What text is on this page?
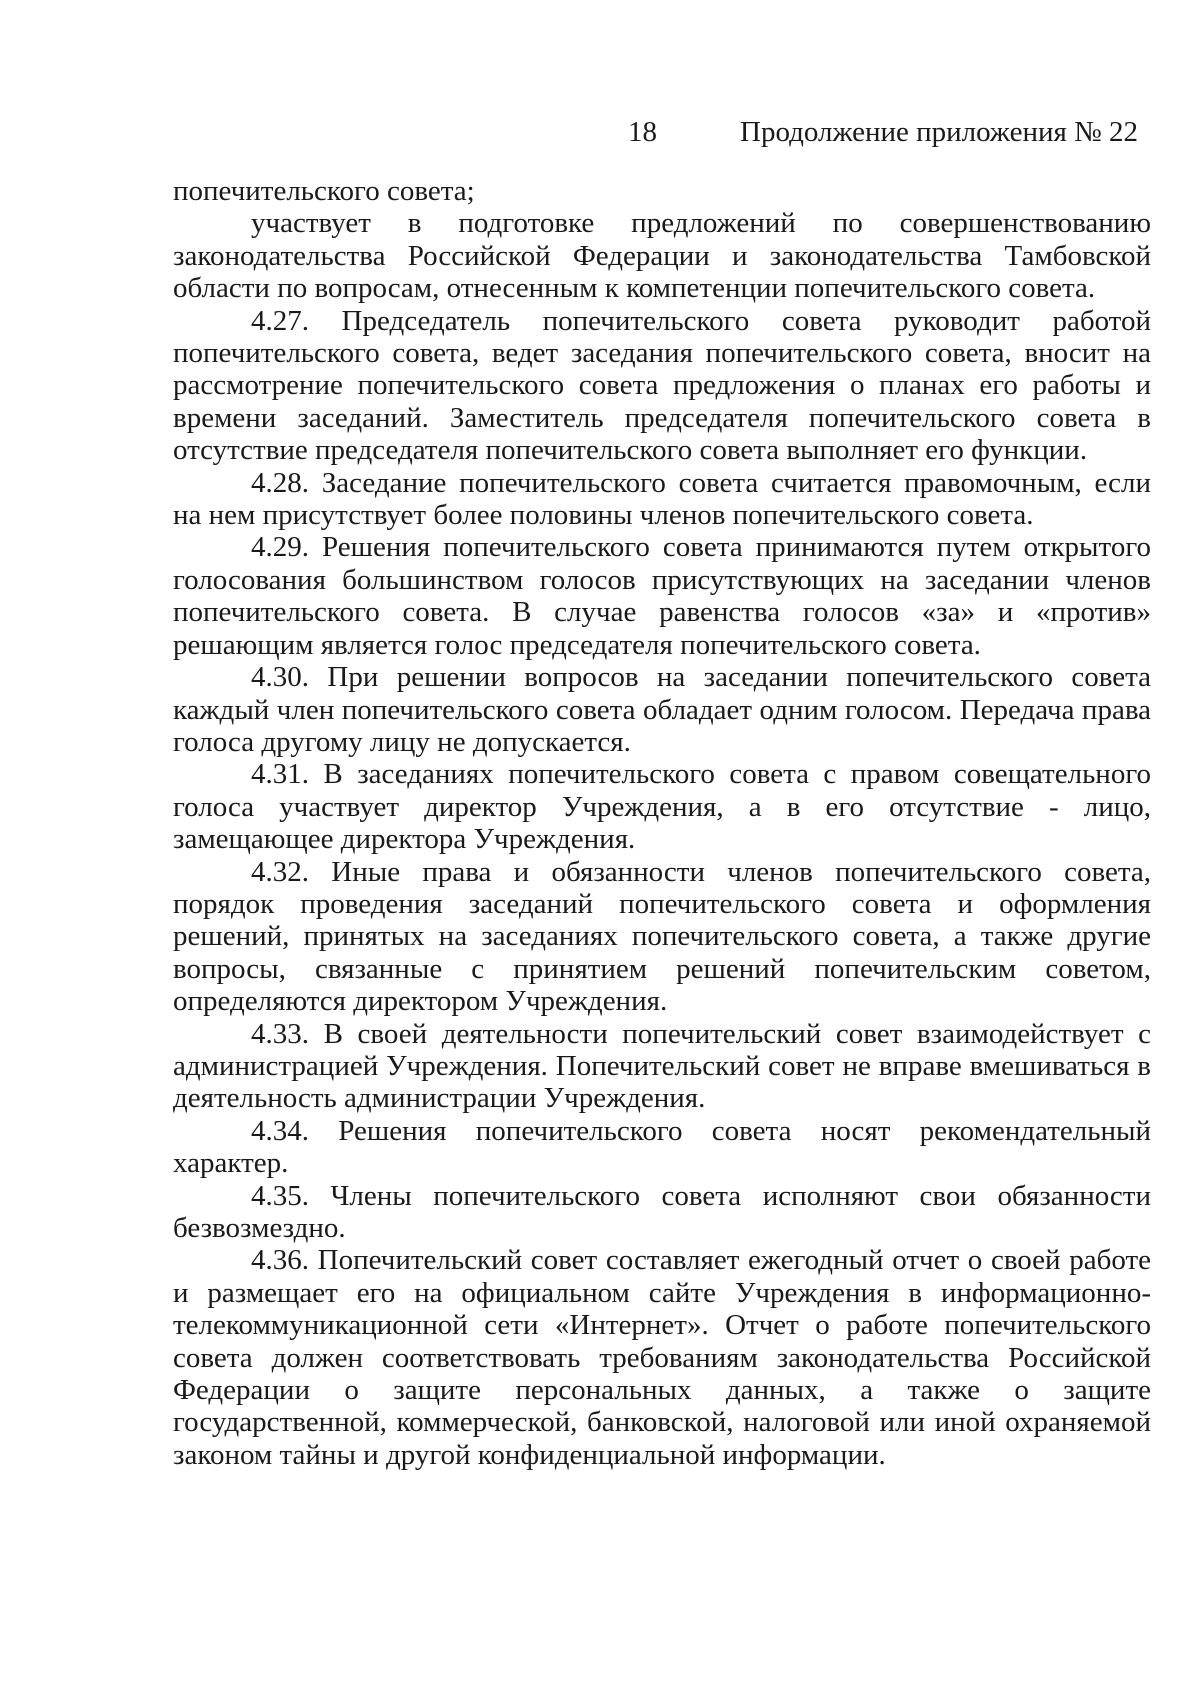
18	Продолжение приложения № 22

попечительского совета;

участвует в подготовке предложений по совершенствованию законодательства Российской Федерации и законодательства Тамбовской области по вопросам, отнесенным к компетенции попечительского совета.

4.27. Председатель попечительского совета руководит работой попечительского совета, ведет заседания попечительского совета, вносит на рассмотрение попечительского совета предложения о планах его работы и времени заседаний. Заместитель председателя попечительского совета в отсутствие председателя попечительского совета выполняет его функции.

4.28. Заседание попечительского совета считается правомочным, если на нем присутствует более половины членов попечительского совета.

4.29. Решения попечительского совета принимаются путем открытого голосования большинством голосов присутствующих на заседании членов попечительского совета. В случае равенства голосов «за» и «против» решающим является голос председателя попечительского совета.

4.30. При решении вопросов на заседании попечительского совета каждый член попечительского совета обладает одним голосом. Передача права голоса другому лицу не допускается.

4.31. В заседаниях попечительского совета с правом совещательного голоса участвует директор Учреждения, а в его отсутствие - лицо, замещающее директора Учреждения.

4.32. Иные права и обязанности членов попечительского совета, порядок проведения заседаний попечительского совета и оформления решений, принятых на заседаниях попечительского совета, а также другие вопросы, связанные с принятием решений попечительским советом, определяются директором Учреждения.

4.33. В своей деятельности попечительский совет взаимодействует с администрацией Учреждения. Попечительский совет не вправе вмешиваться в деятельность администрации Учреждения.

4.34. Решения попечительского совета носят рекомендательный характер.

4.35. Члены попечительского совета исполняют свои обязанности безвозмездно.

4.36. Попечительский совет составляет ежегодный отчет о своей работе и размещает его на официальном сайте Учреждения в информационно-телекоммуникационной сети «Интернет». Отчет о работе попечительского совета должен соответствовать требованиям законодательства Российской Федерации о защите персональных данных, а также о защите государственной, коммерческой, банковской, налоговой или иной охраняемой законом тайны и другой конфиденциальной информации.
